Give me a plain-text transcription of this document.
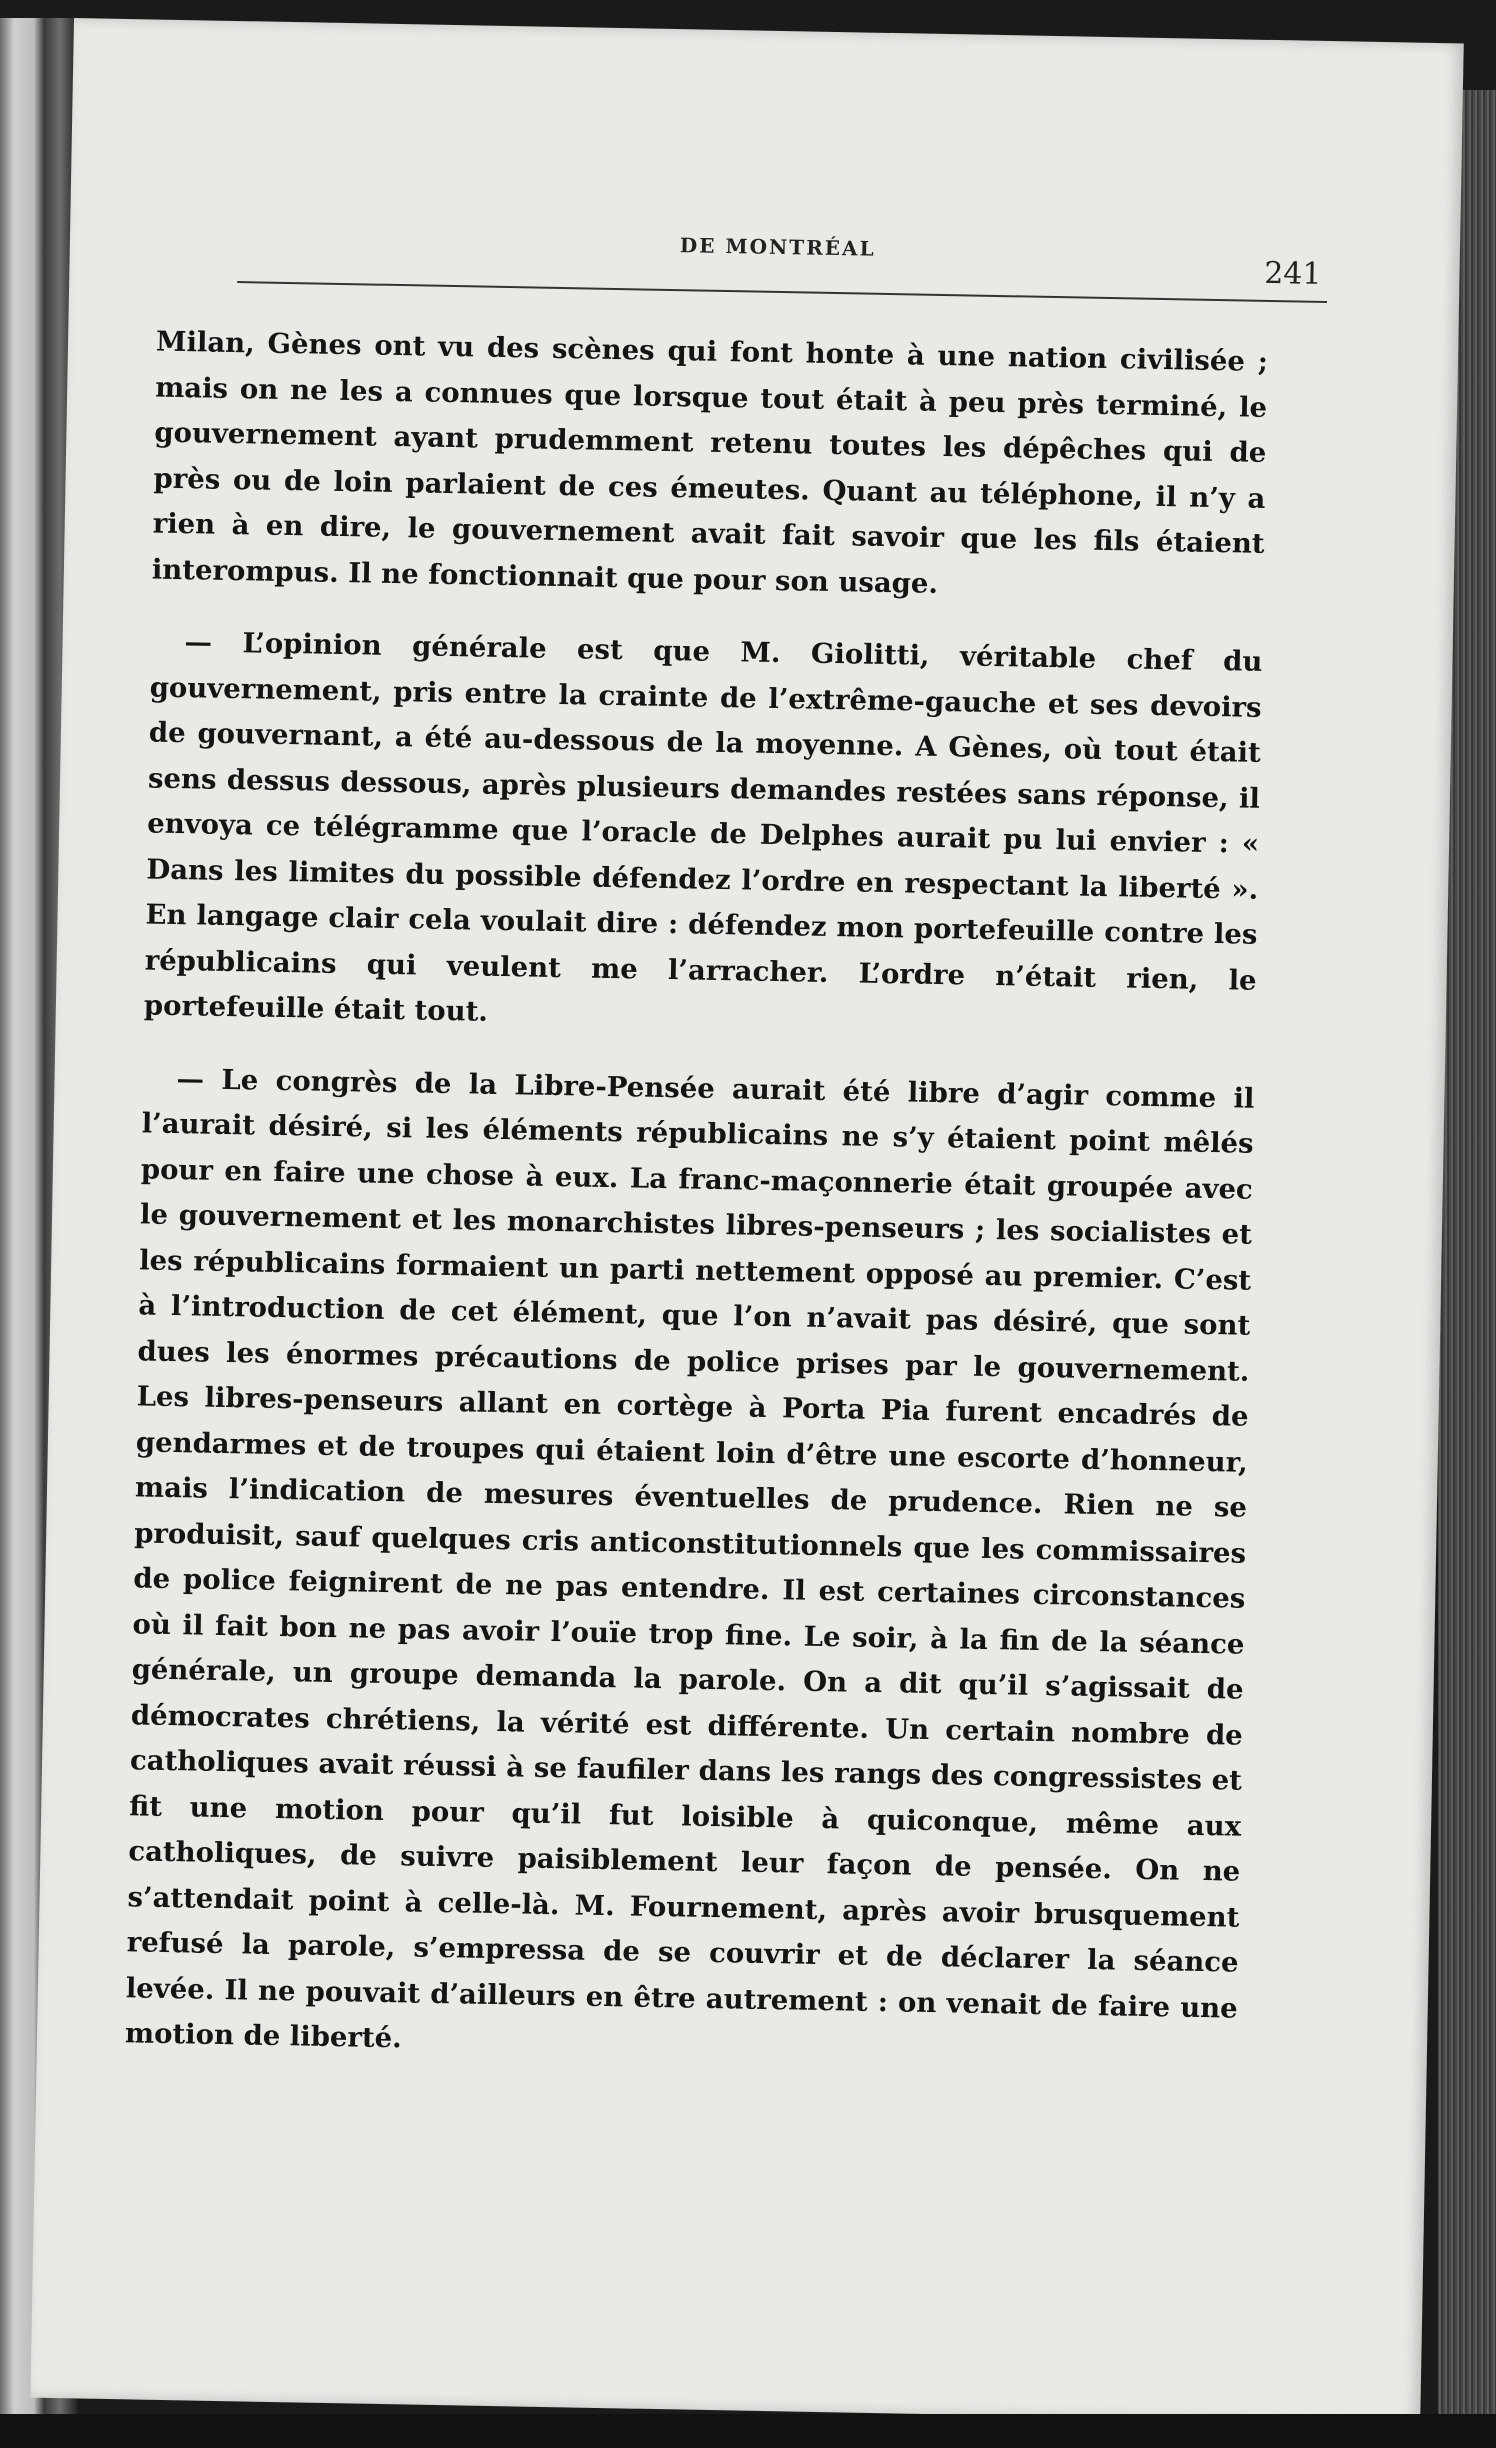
DE MONTRÉAL
241

Milan, Gènes ont vu des scènes qui font honte à une nation civilisée ; mais on ne les a connues que lorsque tout était à peu près terminé, le gouvernement ayant prudemment retenu toutes les dépêches qui de près ou de loin parlaient de ces émeutes. Quant au téléphone, il n’y a rien à en dire, le gouvernement avait fait savoir que les fils étaient interompus. Il ne fonctionnait que pour son usage.

— L’opinion générale est que M. Giolitti, véritable chef du gouvernement, pris entre la crainte de l’extrême-gauche et ses devoirs de gouvernant, a été au-dessous de la moyenne. A Gènes, où tout était sens dessus dessous, après plusieurs demandes restées sans réponse, il envoya ce télégramme que l’oracle de Delphes aurait pu lui envier : « Dans les limites du possible défendez l’ordre en respectant la liberté ». En langage clair cela voulait dire : défendez mon portefeuille contre les républicains qui veulent me l’arracher. L’ordre n’était rien, le portefeuille était tout.

— Le congrès de la Libre-Pensée aurait été libre d’agir comme il l’aurait désiré, si les éléments républicains ne s’y étaient point mêlés pour en faire une chose à eux. La franc-maçonnerie était groupée avec le gouvernement et les monarchistes libres-penseurs ; les socialistes et les républicains formaient un parti nettement opposé au premier. C’est à l’introduction de cet élément, que l’on n’avait pas désiré, que sont dues les énormes précautions de police prises par le gouvernement. Les libres-penseurs allant en cortège à Porta Pia furent encadrés de gendarmes et de troupes qui étaient loin d’être une escorte d’honneur, mais l’indication de mesures éventuelles de prudence. Rien ne se produisit, sauf quelques cris anticonstitutionnels que les commissaires de police feignirent de ne pas entendre. Il est certaines circonstances où il fait bon ne pas avoir l’ouïe trop fine. Le soir, à la fin de la séance générale, un groupe demanda la parole. On a dit qu’il s’agissait de démocrates chrétiens, la vérité est différente. Un certain nombre de catholiques avait réussi à se faufiler dans les rangs des congressistes et fit une motion pour qu’il fut loisible à quiconque, même aux catholiques, de suivre paisiblement leur façon de pensée. On ne s’attendait point à celle-là. M. Fournement, après avoir brusquement refusé la parole, s’empressa de se couvrir et de déclarer la séance levée. Il ne pouvait d’ailleurs en être autrement : on venait de faire une motion de liberté.
